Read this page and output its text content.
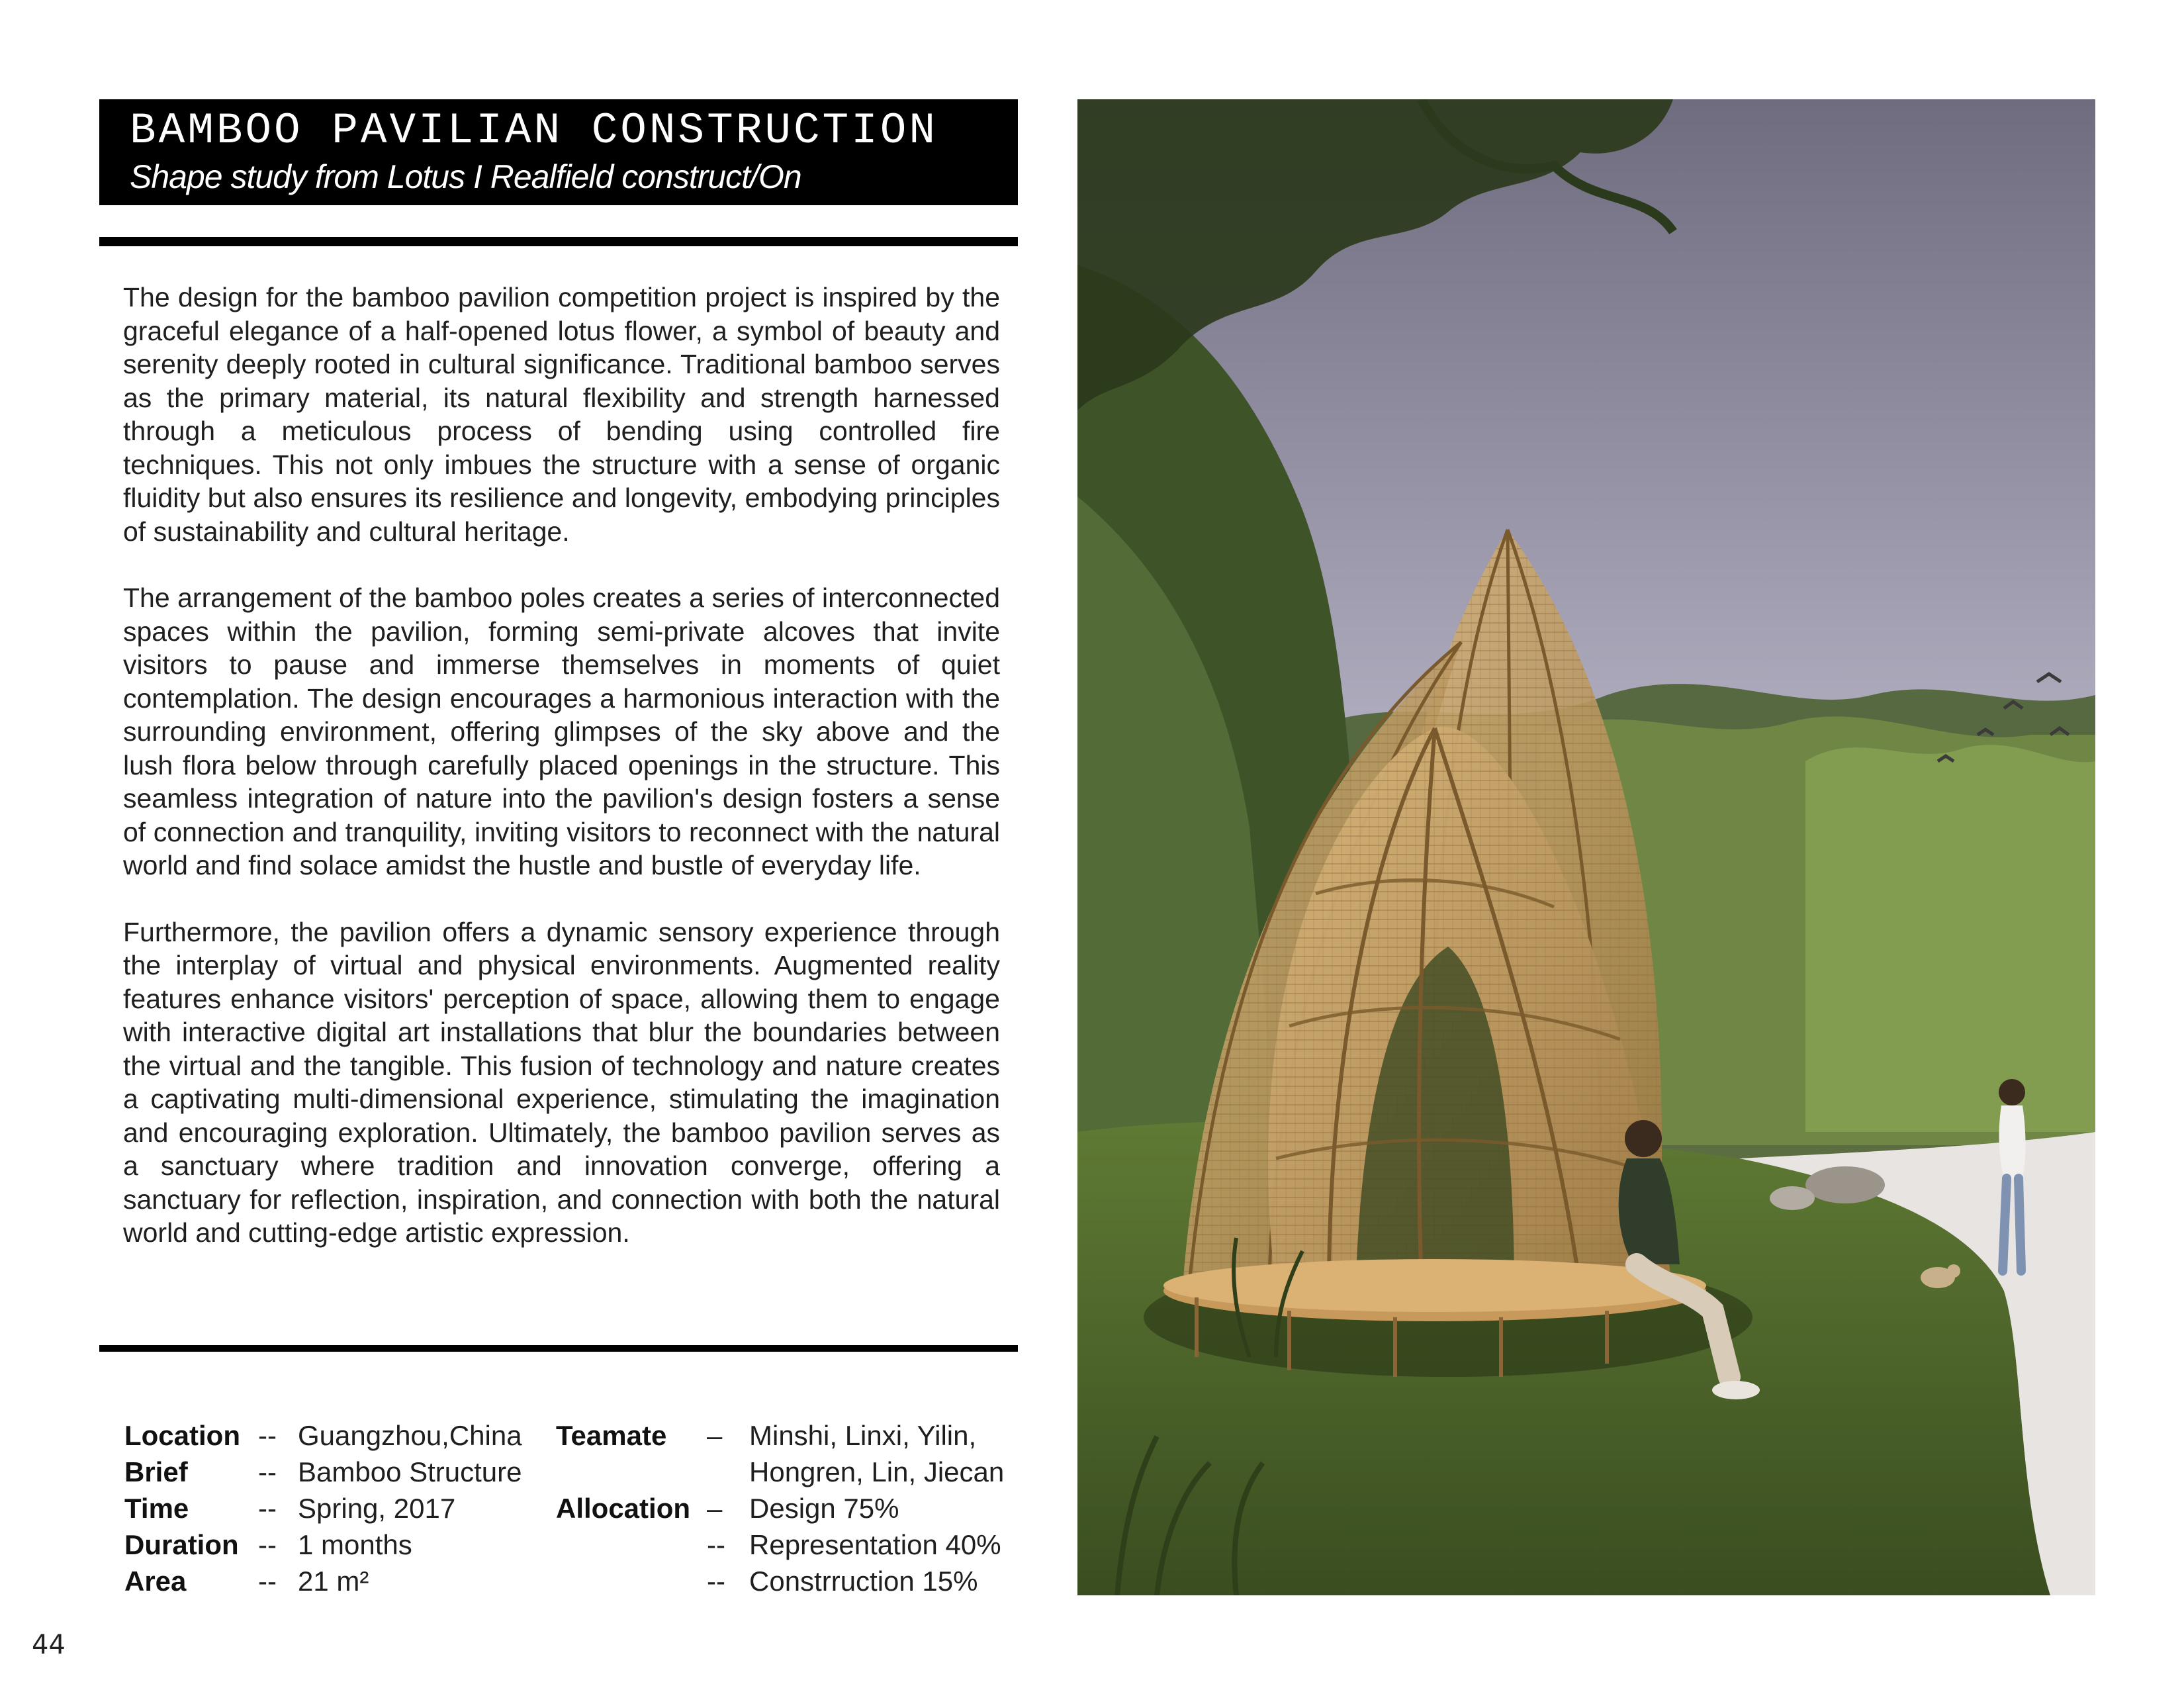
BAMBOO PAVILIAN CONSTRUCTION
Shape study from Lotus I Realfield construct/On

The design for the bamboo pavilion competition project is inspired by the graceful elegance of a half-opened lotus flower, a symbol of beauty and serenity deeply rooted in cultural significance. Traditional bamboo serves as the primary material, its natural flexibility and strength harnessed through a meticulous process of bending using controlled fire techniques. This not only imbues the structure with a sense of organic fluidity but also ensures its resilience and longevity, embodying principles of sustainability and cultural heritage.

The arrangement of the bamboo poles creates a series of interconnected spaces within the pavilion, forming semi-private alcoves that invite visitors to pause and immerse themselves in moments of quiet contemplation. The design encourages a harmonious interaction with the surrounding environment, offering glimpses of the sky above and the lush flora below through carefully placed openings in the structure. This seamless integration of nature into the pavilion's design fosters a sense of connection and tranquility, inviting visitors to reconnect with the natural world and find solace amidst the hustle and bustle of everyday life.

Furthermore, the pavilion offers a dynamic sensory experience through the interplay of virtual and physical environments. Augmented reality features enhance visitors' perception of space, allowing them to engage with interactive digital art installations that blur the boundaries between the virtual and the tangible. This fusion of technology and nature creates a captivating multi-dimensional experience, stimulating the imagination and encouraging exploration. Ultimately, the bamboo pavilion serves as a sanctuary where tradition and innovation converge, offering a sanctuary for reflection, inspiration, and connection with both the natural world and cutting-edge artistic expression.

Location -- Guangzhou,China
Brief	-- Bamboo Structure
Time	-- Spring, 2017
Duration -- 1 months
Area	-- 21 m²
Teamate	– Minshi, Linxi, Yilin,
Hongren, Lin, Jiecan
Allocation – Design 75%
-- Representation 40%
-- Constrruction 15%
44
